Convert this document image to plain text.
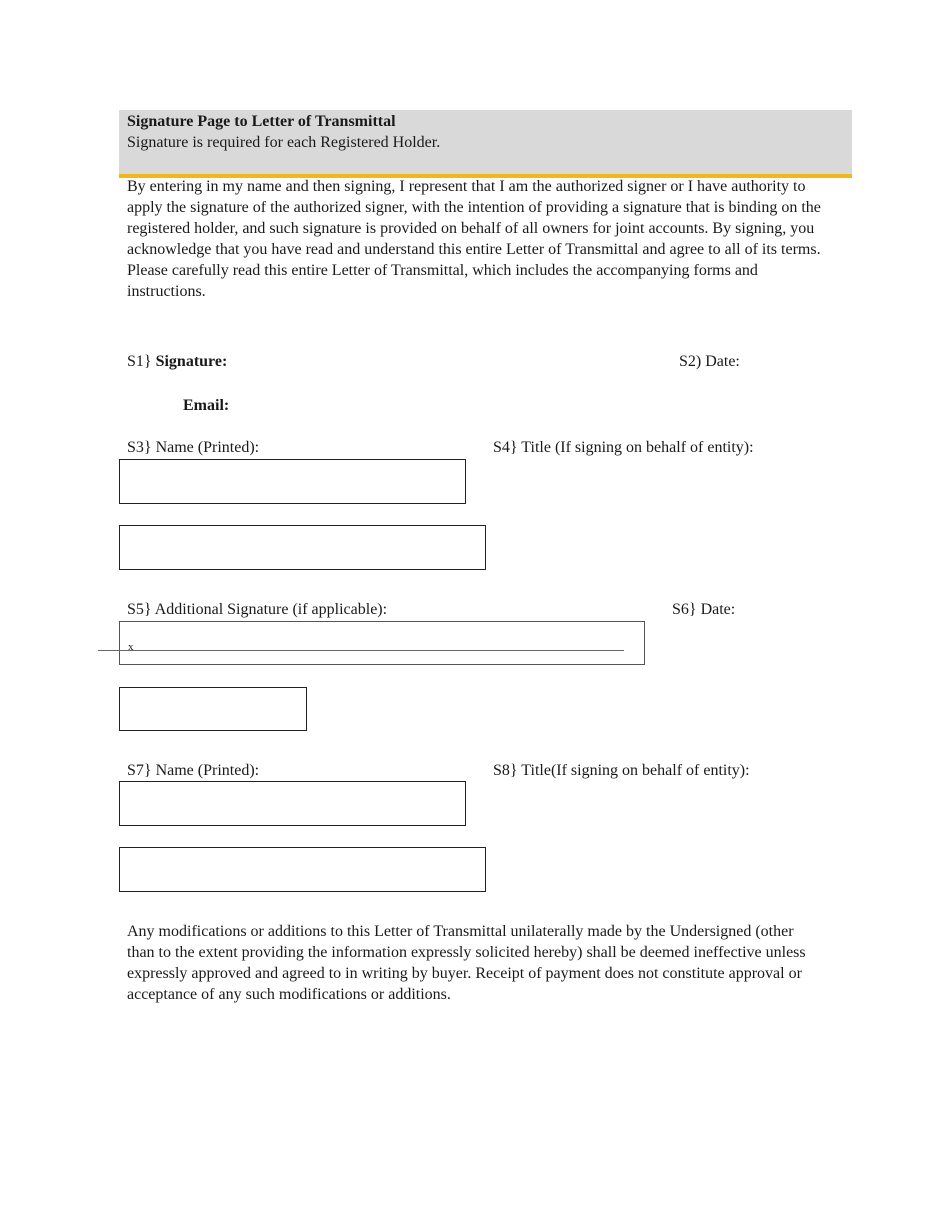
Signature Page to Letter of Transmittal
Signature is required for each Registered Holder.

By entering in my name and then signing, I represent that I am the authorized signer or I have authority to apply the signature of the authorized signer, with the intention of providing a signature that is binding on the registered holder, and such signature is provided on behalf of all owners for joint accounts. By signing, you acknowledge that you have read and understand this entire Letter of Transmittal and agree to all of its terms. Please carefully read this entire Letter of Transmittal, which includes the accompanying forms and instructions.

S1} Signature:	S2) Date:
Email:
S3} Name (Printed):	S4} Title (If signing on behalf of entity):
S5} Additional Signature (if applicable):	S6} Date:
x
S7} Name (Printed):	S8} Title(If signing on behalf of entity):

Any modifications or additions to this Letter of Transmittal unilaterally made by the Undersigned (other than to the extent providing the information expressly solicited hereby) shall be deemed ineffective unless expressly approved and agreed to in writing by buyer. Receipt of payment does not constitute approval or acceptance of any such modifications or additions.
